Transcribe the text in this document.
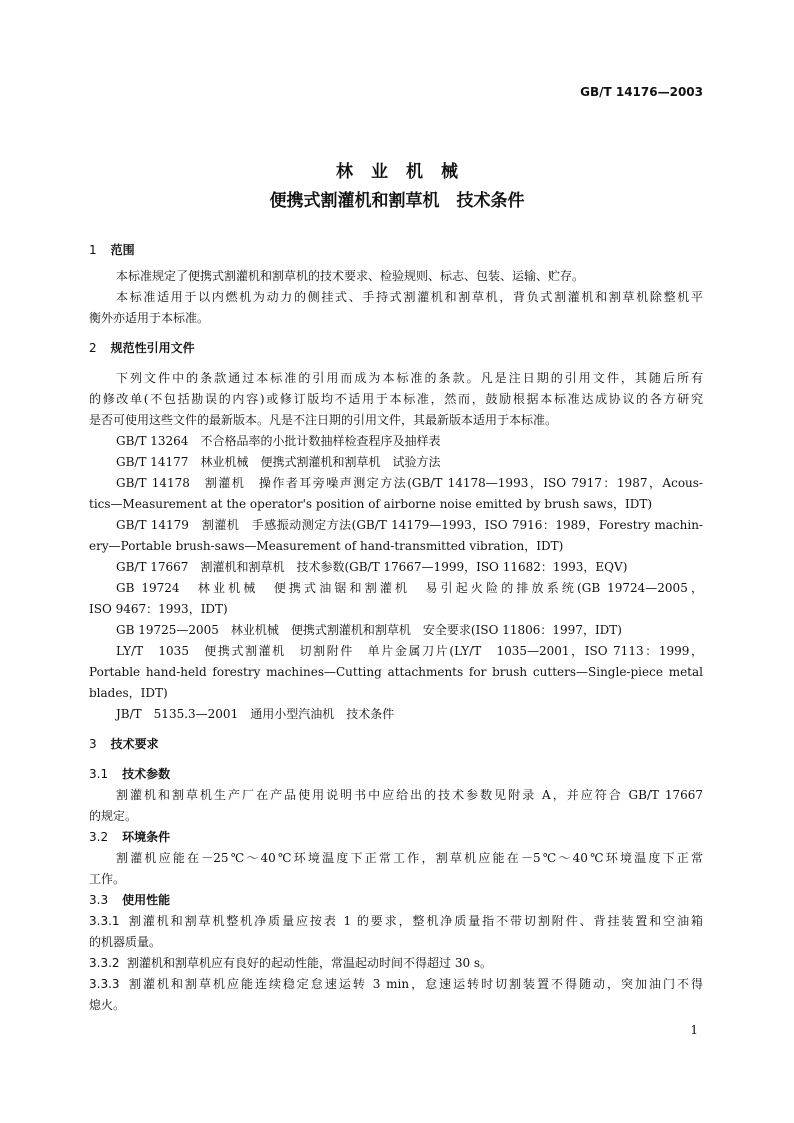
GB/T 14176—2003
林业机械
便携式割灌机和割草机　技术条件
1 范围
本标准规定了便携式割灌机和割草机的技术要求、检验规则、标志、包装、运输、贮存。
本标准适用于以内燃机为动力的侧挂式、手持式割灌机和割草机，背负式割灌机和割草机除整机平
衡外亦适用于本标准。
2 规范性引用文件
下列文件中的条款通过本标准的引用而成为本标准的条款。凡是注日期的引用文件，其随后所有
的修改单(不包括勘误的内容)或修订版均不适用于本标准，然而，鼓励根据本标准达成协议的各方研究
是否可使用这些文件的最新版本。凡是不注日期的引用文件，其最新版本适用于本标准。
GB/T 13264　不合格品率的小批计数抽样检查程序及抽样表
GB/T 14177　林业机械　便携式割灌机和割草机　试验方法
GB/T 14178　割灌机　操作者耳旁噪声测定方法(GB/T 14178—1993，ISO 7917：1987，Acous-
tics—Measurement at the operator's position of airborne noise emitted by brush saws，IDT)
GB/T 14179　割灌机　手感振动测定方法(GB/T 14179—1993，ISO 7916：1989，Forestry machin-
ery—Portable brush-saws—Measurement of hand-transmitted vibration，IDT)
GB/T 17667　割灌机和割草机　技术参数(GB/T 17667—1999，ISO 11682：1993，EQV)
GB 19724　林业机械　便携式油锯和割灌机　易引起火险的排放系统(GB 19724—2005，
ISO 9467：1993，IDT)
GB 19725—2005　林业机械　便携式割灌机和割草机　安全要求(ISO 11806：1997，IDT)
LY/T　1035　便携式割灌机　切割附件　单片金属刀片(LY/T　1035—2001，ISO 7113：1999，
Portable hand-held forestry machines—Cutting attachments for brush cutters—Single-piece metal
blades，IDT)
JB/T　5135.3—2001　通用小型汽油机　技术条件
3 技术要求
3.1 技术参数
割灌机和割草机生产厂在产品使用说明书中应给出的技术参数见附录 A，并应符合 GB/T 17667
的规定。
3.2 环境条件
割灌机应能在－25℃～40℃环境温度下正常工作，割草机应能在－5℃～40℃环境温度下正常
工作。
3.3 使用性能
3.3.1 割灌机和割草机整机净质量应按表 1 的要求，整机净质量指不带切割附件、背挂装置和空油箱
的机器质量。
3.3.2 割灌机和割草机应有良好的起动性能，常温起动时间不得超过 30 s。
3.3.3 割灌机和割草机应能连续稳定怠速运转 3 min，怠速运转时切割装置不得随动，突加油门不得
熄火。
1
